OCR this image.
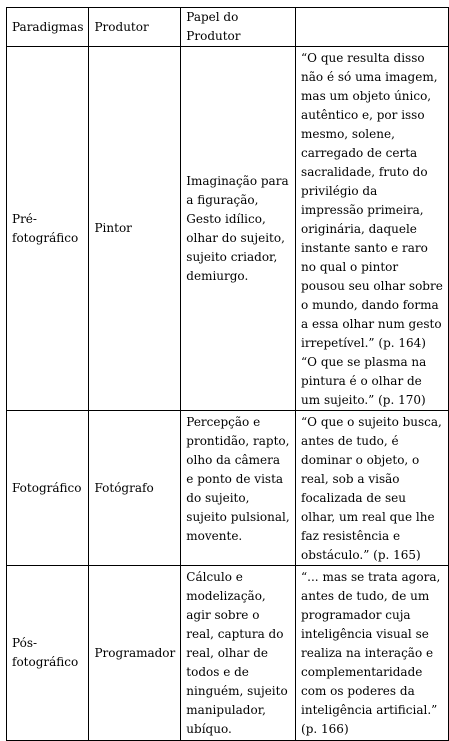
Paradigmas	Produtor	Papel do Produtor	
Pré-fotográfico	Pintor	Imaginação para a figuração, Gesto idílico, olhar do sujeito, sujeito criador, demiurgo.	“O que resulta disso não é só uma imagem, mas um objeto único, autêntico e, por isso mesmo, solene, carregado de certa sacralidade, fruto do privilégio da impressão primeira, originária, daquele instante santo e raro no qual o pintor pousou seu olhar sobre o mundo, dando forma a essa olhar num gesto irrepetível.” (p. 164) “O que se plasma na pintura é o olhar de um sujeito.” (p. 170)
Fotográfico	Fotógrafo	Percepção e prontidão, rapto, olho da câmera e ponto de vista do sujeito, sujeito pulsional, movente.	“O que o sujeito busca, antes de tudo, é dominar o objeto, o real, sob a visão focalizada de seu olhar, um real que lhe faz resistência e obstáculo.” (p. 165)
Pós-fotográfico	Programador	Cálculo e modelização, agir sobre o real, captura do real, olhar de todos e de ninguém, sujeito manipulador, ubíquo.	“... mas se trata agora, antes de tudo, de um programador cuja inteligência visual se realiza na interação e complementaridade com os poderes da inteligência artificial.” (p. 166)
